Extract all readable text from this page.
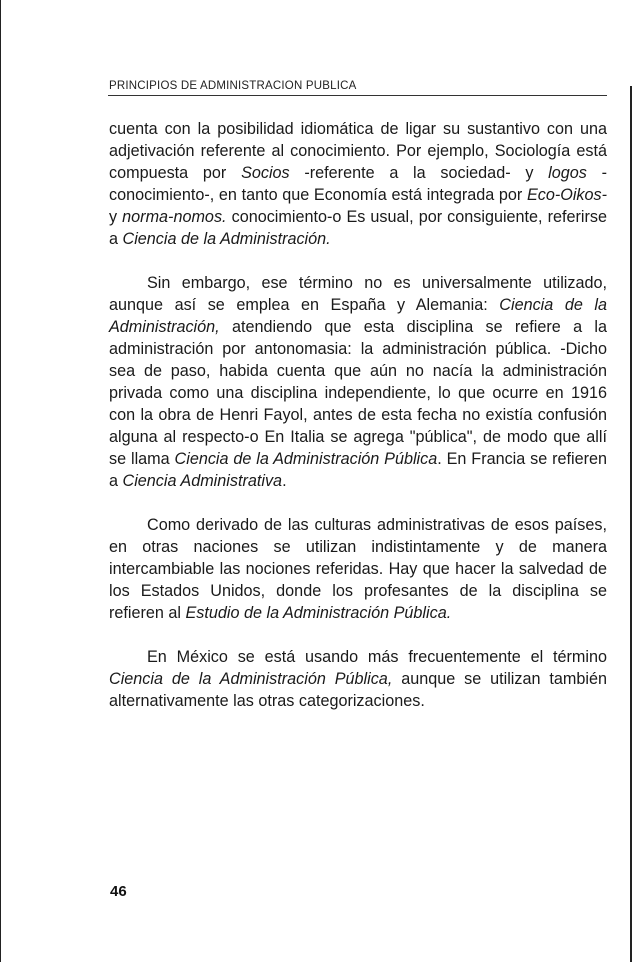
PRINCIPIOS DE ADMINISTRACION PUBLICA

cuenta con la posibilidad idiomática de ligar su sustantivo con una adjetivación referente al conocimiento. Por ejemplo, Sociología está compuesta por Socios -referente a la sociedad- y logos -conocimiento-, en tanto que Economía está integrada por Eco-Oikos- y norma-nomos. conocimiento-o Es usual, por consiguiente, referirse a Ciencia de la Administración.

Sin embargo, ese término no es universalmente utilizado, aunque así se emplea en España y Alemania: Ciencia de la Administración, atendiendo que esta disciplina se refiere a la administración por antonomasia: la administración pública. -Dicho sea de paso, habida cuenta que aún no nacía la administración privada como una disciplina independiente, lo que ocurre en 1916 con la obra de Henri Fayol, antes de esta fecha no existía confusión alguna al respecto-o En Italia se agrega "pública", de modo que allí se llama Ciencia de la Administración Pública. En Francia se refieren a Ciencia Administrativa.

Como derivado de las culturas administrativas de esos países, en otras naciones se utilizan indistintamente y de manera intercambiable las nociones referidas. Hay que hacer la salvedad de los Estados Unidos, donde los profesantes de la disciplina se refieren al Estudio de la Administración Pública.

En México se está usando más frecuentemente el término Ciencia de la Administración Pública, aunque se utilizan también alternativamente las otras categorizaciones.

46
